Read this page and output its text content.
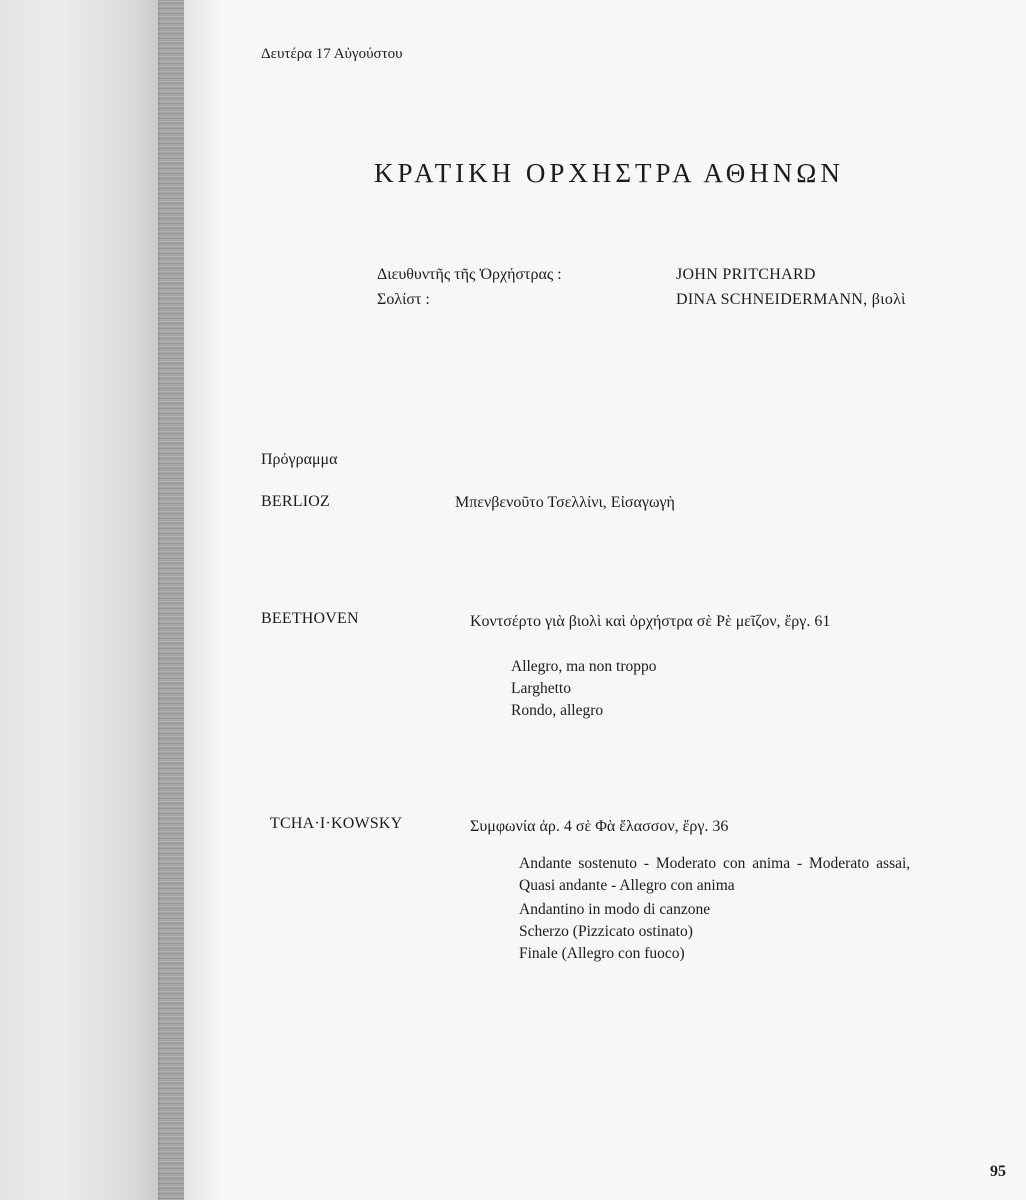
Δευτέρα 17 Αὐγούστου
ΚΡΑΤΙΚΗ ΟΡΧΗΣΤΡΑ ΑΘΗΝΩΝ
Διευθυντῆς τῆς Ὀρχήστρας :	JOHN PRITCHARD
Σολίστ :	DINA SCHNEIDERMANN, βιολὶ
Πρόγραμμα
BERLIOZ	Μπενβενοῦτο Τσελλίνι, Εἰσαγωγὴ
BEETHOVEN	Κοντσέρτο γιὰ βιολὶ καὶ ὀρχήστρα σὲ Ρὲ μεῖζον, ἔργ. 61
Allegro, ma non troppo
Larghetto
Rondo, allegro
TCHA·I·KOWSKY	Συμφωνία ἀρ. 4 σὲ Φὰ ἔλασσον, ἔργ. 36
Andante sostenuto - Moderato con anima - Moderato assai,
Quasi andante - Allegro con anima
Andantino in modo di canzone
Scherzo (Pizzicato ostinato)
Finale (Allegro con fuoco)
95
